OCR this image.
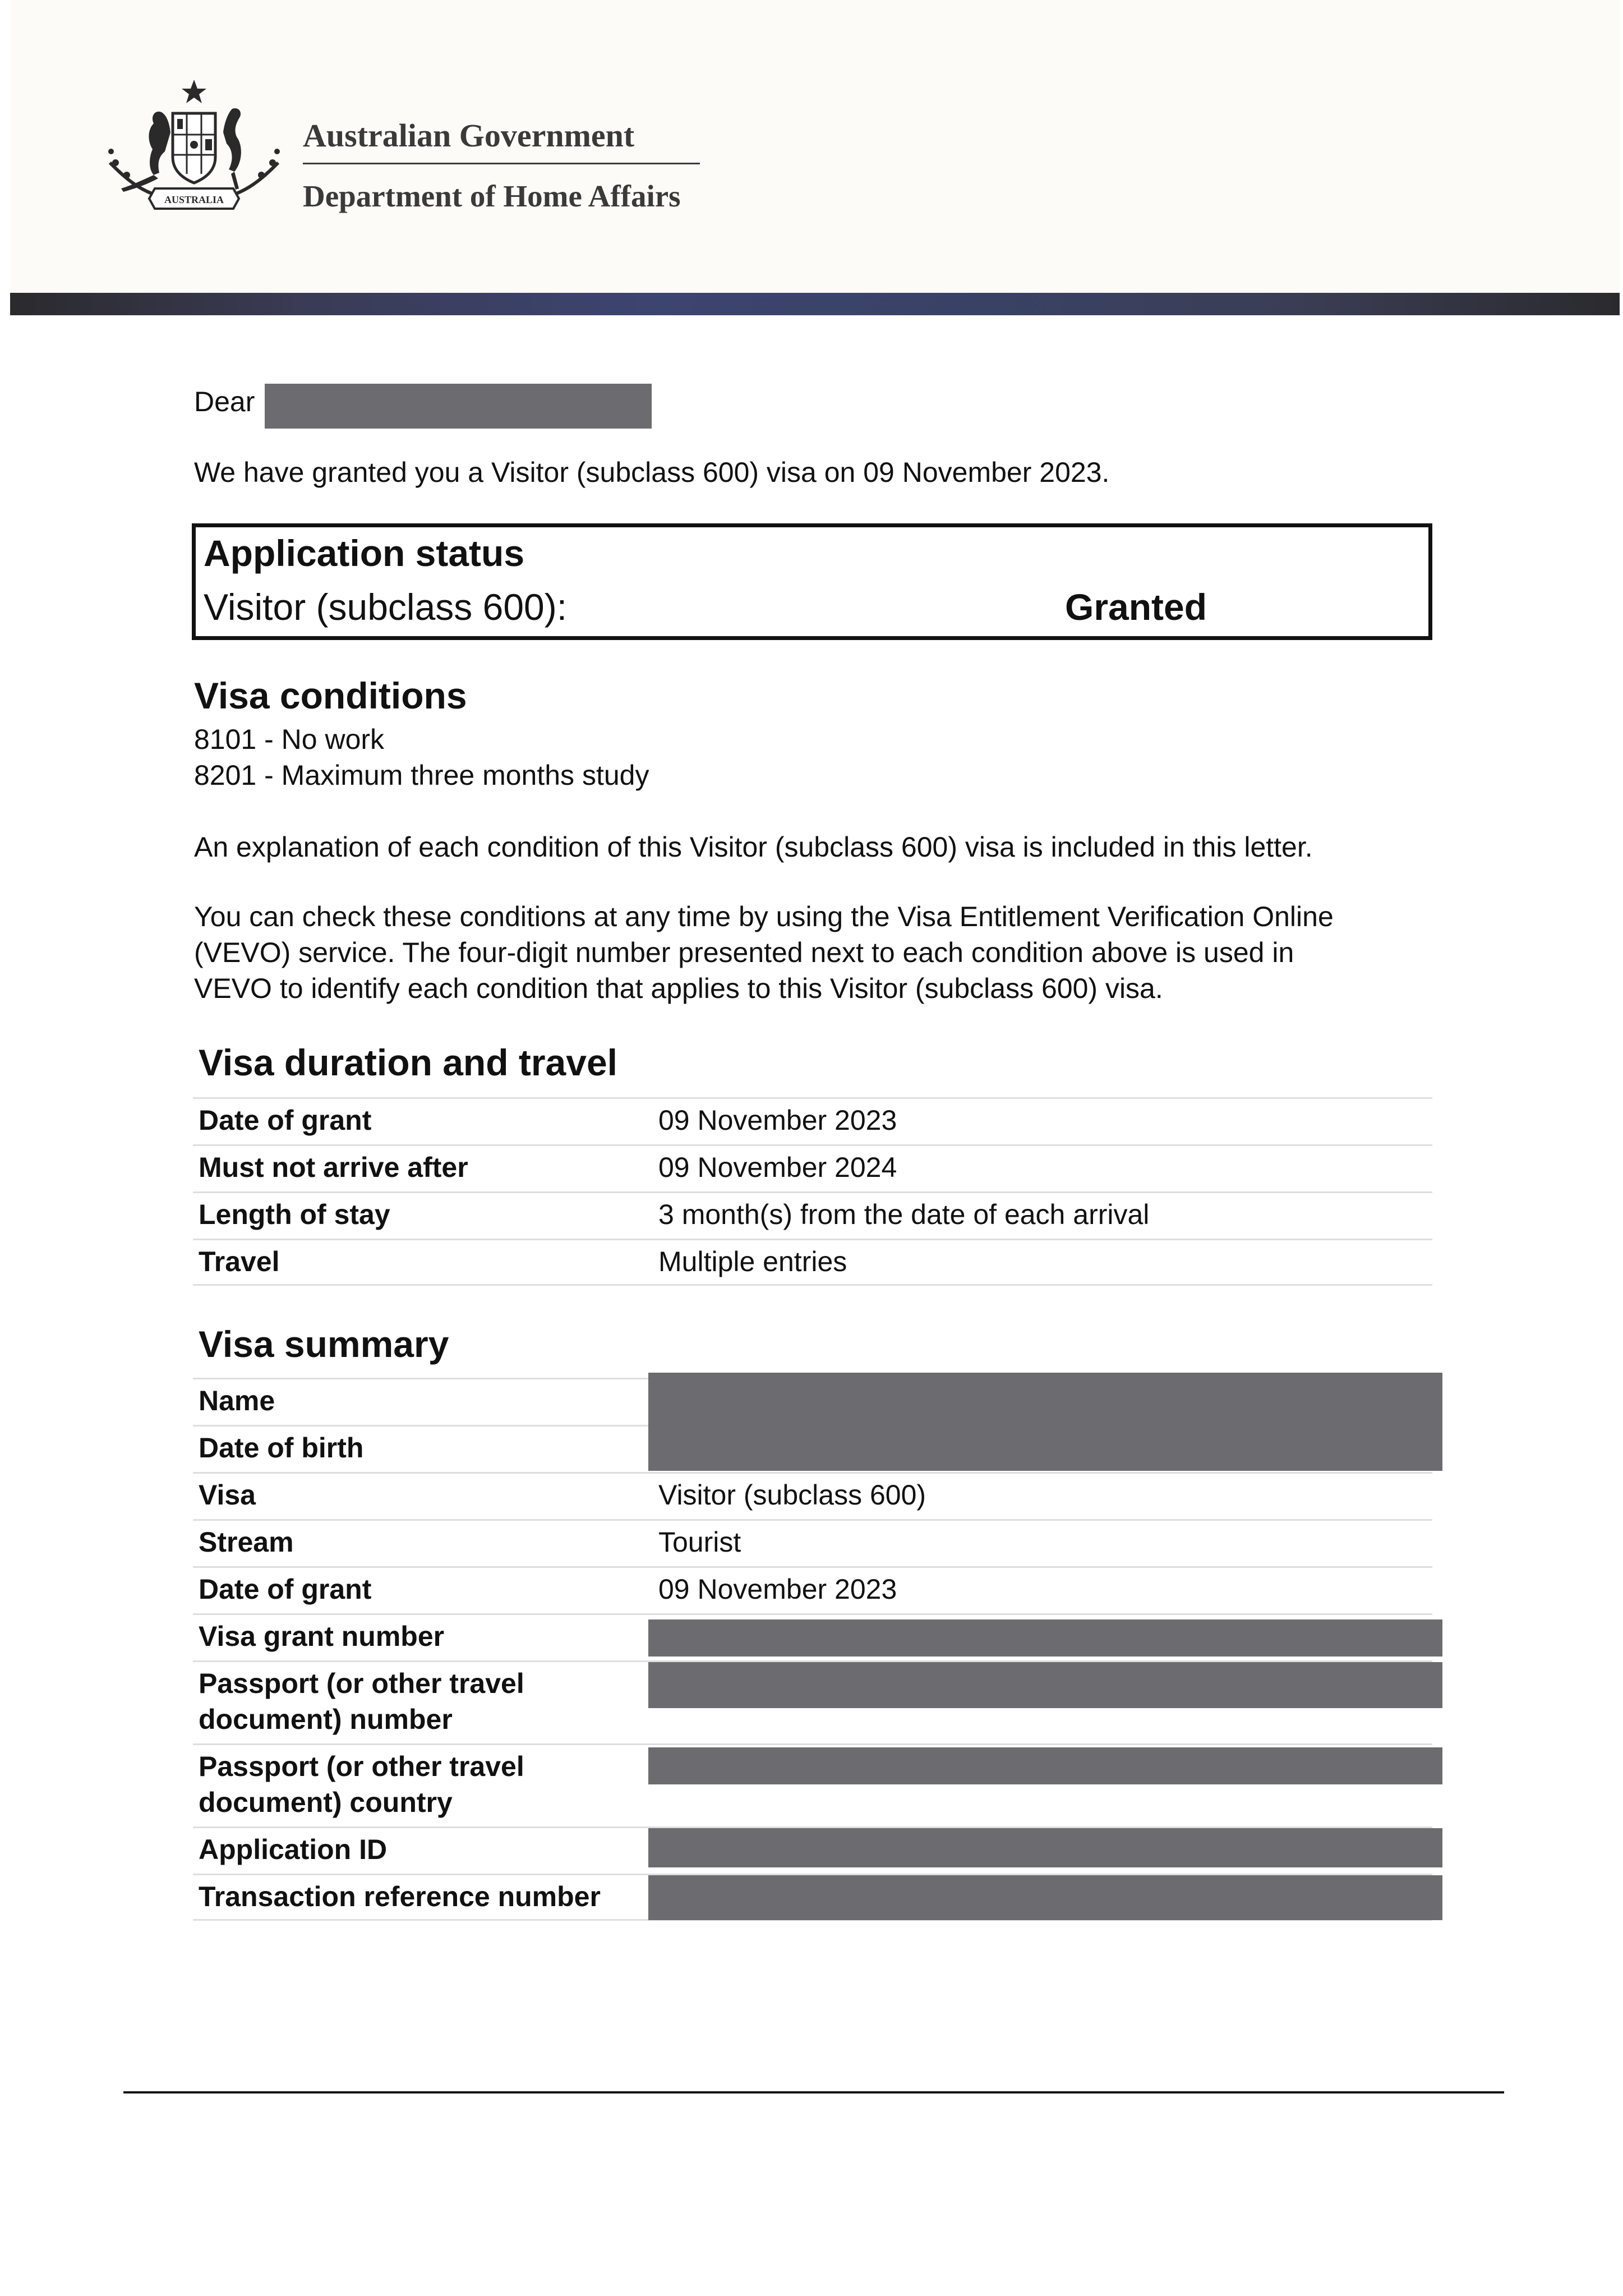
AUSTRALIA
Australian Government
Department of Home Affairs
Dear
We have granted you a Visitor (subclass 600) visa on 09 November 2023.
Application status
Visitor (subclass 600):	Granted
Visa conditions
8101 - No work
8201 - Maximum three months study
An explanation of each condition of this Visitor (subclass 600) visa is included in this letter.
You can check these conditions at any time by using the Visa Entitlement Verification Online
(VEVO) service. The four-digit number presented next to each condition above is used in
VEVO to identify each condition that applies to this Visitor (subclass 600) visa.
Visa duration and travel
Date of grant	09 November 2023
Must not arrive after	09 November 2024
Length of stay	3 month(s) from the date of each arrival
Travel	Multiple entries
Visa summary
Name
Date of birth
Visa	Visitor (subclass 600)
Stream	Tourist
Date of grant	09 November 2023
Visa grant number
Passport (or other travel
document) number
Passport (or other travel
document) country
Application ID
Transaction reference number
